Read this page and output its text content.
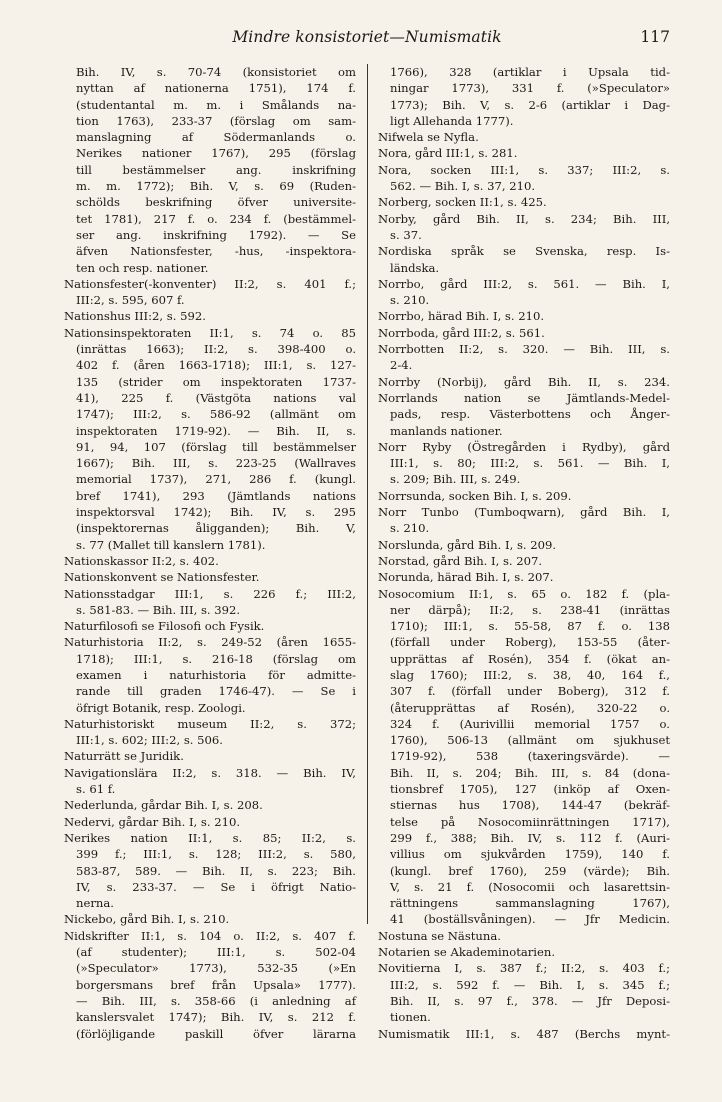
Mindre konsistoriet—Numismatik	117
Bih. IV, s. 70-74 (konsistoriet om
nyttan af nationerna 1751), 174 f.
(studentantal m. m. i Smålands na-
tion 1763), 233-37 (förslag om sam-
manslagning af Södermanlands o.
Nerikes nationer 1767), 295 (förslag
till bestämmelser ang. inskrifning
m. m. 1772); Bih. V, s. 69 (Ruden-
schölds beskrifning öfver universite-
tet 1781), 217 f. o. 234 f. (bestämmel-
ser ang. inskrifning 1792). — Se
äfven Nationsfester, -hus, -inspektora-
ten och resp. nationer.
Nationsfester(-konventer) II:2, s. 401 f.;
III:2, s. 595, 607 f.
Nationshus III:2, s. 592.
Nationsinspektoraten II:1, s. 74 o. 85
(inrättas 1663); II:2, s. 398-400 o.
402 f. (åren 1663-1718); III:1, s. 127-
135 (strider om inspektoraten 1737-
41), 225 f. (Västgöta nations val
1747); III:2, s. 586-92 (allmänt om
inspektoraten 1719-92). — Bih. II, s.
91, 94, 107 (förslag till bestämmelser
1667); Bih. III, s. 223-25 (Wallraves
memorial 1737), 271, 286 f. (kungl.
bref 1741), 293 (Jämtlands nations
inspektorsval 1742); Bih. IV, s. 295
(inspektorernas åligganden); Bih. V,
s. 77 (Mallet till kanslern 1781).
Nationskassor II:2, s. 402.
Nationskonvent se Nationsfester.
Nationsstadgar III:1, s. 226 f.; III:2,
s. 581-83. — Bih. III, s. 392.
Naturfilosofi se Filosofi och Fysik.
Naturhistoria II:2, s. 249-52 (åren 1655-
1718); III:1, s. 216-18 (förslag om
examen i naturhistoria för admitte-
rande till graden 1746-47). — Se i
öfrigt Botanik, resp. Zoologi.
Naturhistoriskt museum II:2, s. 372;
III:1, s. 602; III:2, s. 506.
Naturrätt se Juridik.
Navigationslära II:2, s. 318. — Bih. IV,
s. 61 f.
Nederlunda, gårdar Bih. I, s. 208.
Nedervi, gårdar Bih. I, s. 210.
Nerikes nation II:1, s. 85; II:2, s.
399 f.; III:1, s. 128; III:2, s. 580,
583-87, 589. — Bih. II, s. 223; Bih.
IV, s. 233-37. — Se i öfrigt Natio-
nerna.
Nickebo, gård Bih. I, s. 210.
Nidskrifter II:1, s. 104 o. II:2, s. 407 f.
(af studenter); III:1, s. 502-04
(»Speculator» 1773), 532-35 (»En
borgersmans bref från Upsala» 1777).
— Bih. III, s. 358-66 (i anledning af
kanslersvalet 1747); Bih. IV, s. 212 f.
(förlöjligande paskill öfver lärarna
1766), 328 (artiklar i Upsala tid-
ningar 1773), 331 f. (»Speculator»
1773); Bih. V, s. 2-6 (artiklar i Dag-
ligt Allehanda 1777).
Nifwela se Nyfla.
Nora, gård III:1, s. 281.
Nora, socken III:1, s. 337; III:2, s.
562. — Bih. I, s. 37, 210.
Norberg, socken II:1, s. 425.
Norby, gård Bih. II, s. 234; Bih. III,
s. 37.
Nordiska språk se Svenska, resp. Is-
ländska.
Norrbo, gård III:2, s. 561. — Bih. I,
s. 210.
Norrbo, härad Bih. I, s. 210.
Norrboda, gård III:2, s. 561.
Norrbotten II:2, s. 320. — Bih. III, s.
2-4.
Norrby (Norbij), gård Bih. II, s. 234.
Norrlands nation se Jämtlands-Medel-
pads, resp. Västerbottens och Ånger-
manlands nationer.
Norr Ryby (Östregården i Rydby), gård
III:1, s. 80; III:2, s. 561. — Bih. I,
s. 209; Bih. III, s. 249.
Norrsunda, socken Bih. I, s. 209.
Norr Tunbo (Tumboqwarn), gård Bih. I,
s. 210.
Norslunda, gård Bih. I, s. 209.
Norstad, gård Bih. I, s. 207.
Norunda, härad Bih. I, s. 207.
Nosocomium II:1, s. 65 o. 182 f. (pla-
ner därpå); II:2, s. 238-41 (inrättas
1710); III:1, s. 55-58, 87 f. o. 138
(förfall under Roberg), 153-55 (åter-
upprättas af Rosén), 354 f. (ökat an-
slag 1760); III:2, s. 38, 40, 164 f.,
307 f. (förfall under Boberg), 312 f.
(återupprättas af Rosén), 320-22 o.
324 f. (Aurivillii memorial 1757 o.
1760), 506-13 (allmänt om sjukhuset
1719-92), 538 (taxeringsvärde). —
Bih. II, s. 204; Bih. III, s. 84 (dona-
tionsbref 1705), 127 (inköp af Oxen-
stiernas hus 1708), 144-47 (bekräf-
telse på Nosocomiinrättningen 1717),
299 f., 388; Bih. IV, s. 112 f. (Auri-
villius om sjukvården 1759), 140 f.
(kungl. bref 1760), 259 (värde); Bih.
V, s. 21 f. (Nosocomii och lasarettsin-
rättningens sammanslagning 1767),
41 (boställsvåningen). — Jfr Medicin.
Nostuna se Nästuna.
Notarien se Akademinotarien.
Novitierna I, s. 387 f.; II:2, s. 403 f.;
III:2, s. 592 f. — Bih. I, s. 345 f.;
Bih. II, s. 97 f., 378. — Jfr Deposi-
tionen.
Numismatik III:1, s. 487 (Berchs mynt-
